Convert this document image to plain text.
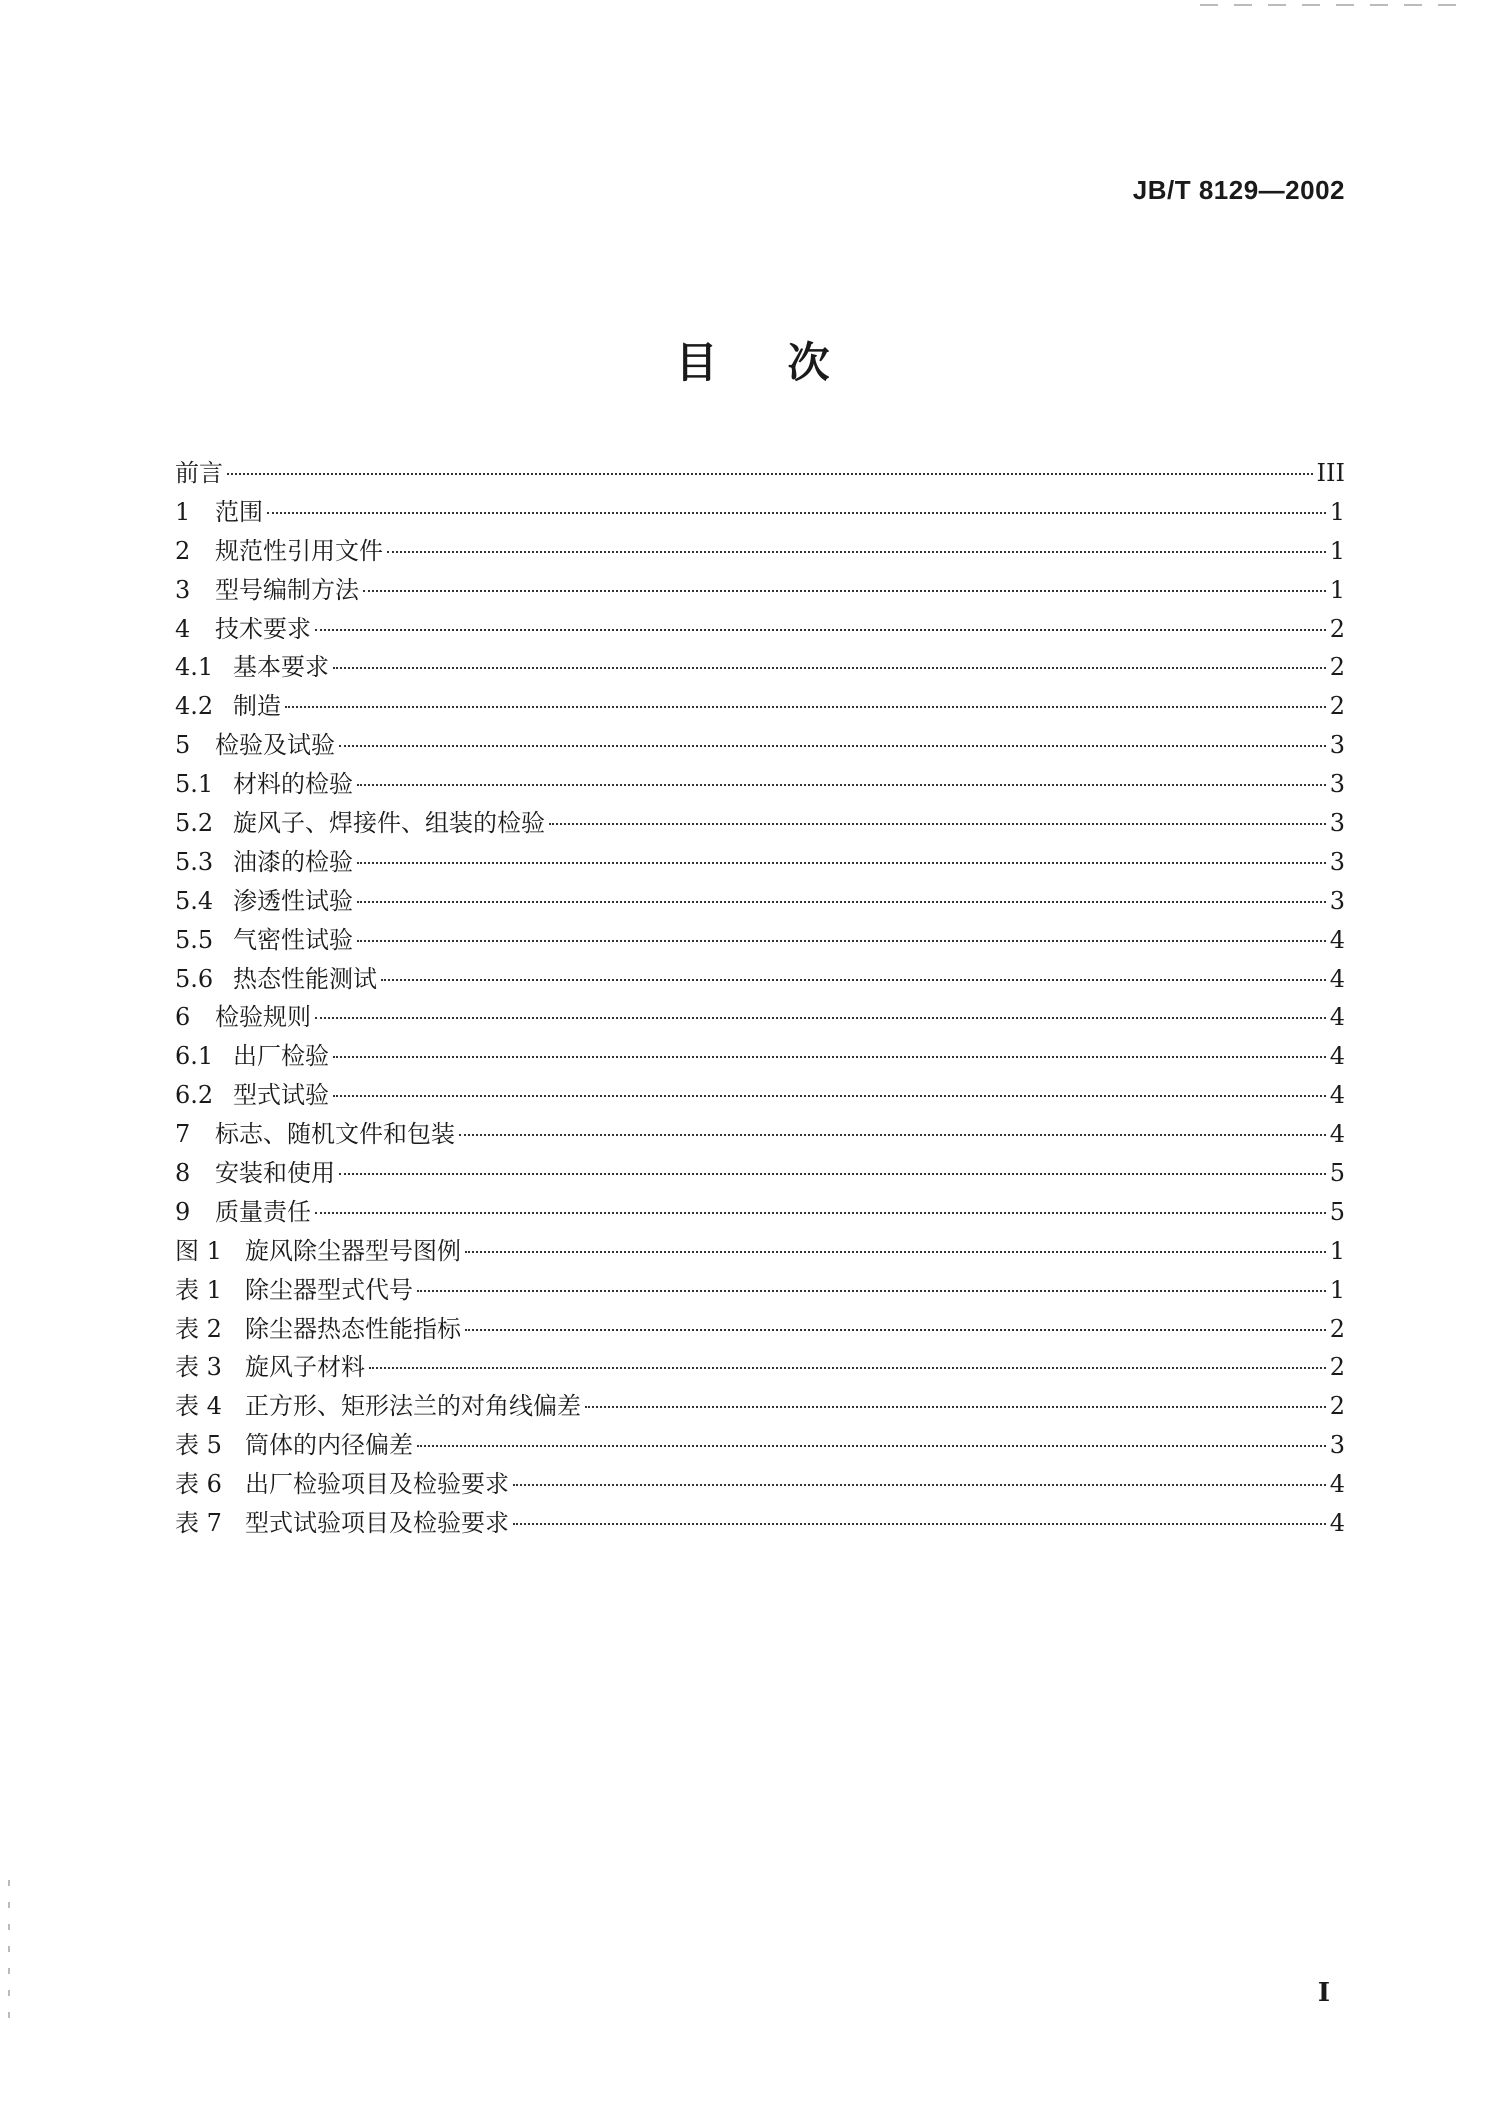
JB/T 8129—2002
目次
前言	III
1	范围	1
2	规范性引用文件	1
3	型号编制方法	1
4	技术要求	2
4.1 基本要求	2
4.2 制造	2
5	检验及试验	3
5.1 材料的检验	3
5.2 旋风子、焊接件、组装的检验	3
5.3 油漆的检验	3
5.4 渗透性试验	3
5.5 气密性试验	4
5.6 热态性能测试	4
6	检验规则	4
6.1 出厂检验	4
6.2 型式试验	4
7	标志、随机文件和包装	4
8	安装和使用	5
9	质量责任	5
图 1 旋风除尘器型号图例	1
表 1 除尘器型式代号	1
表 2 除尘器热态性能指标	2
表 3 旋风子材料	2
表 4 正方形、矩形法兰的对角线偏差	2
表 5 筒体的内径偏差	3
表 6 出厂检验项目及检验要求	4
表 7 型式试验项目及检验要求	4
I
